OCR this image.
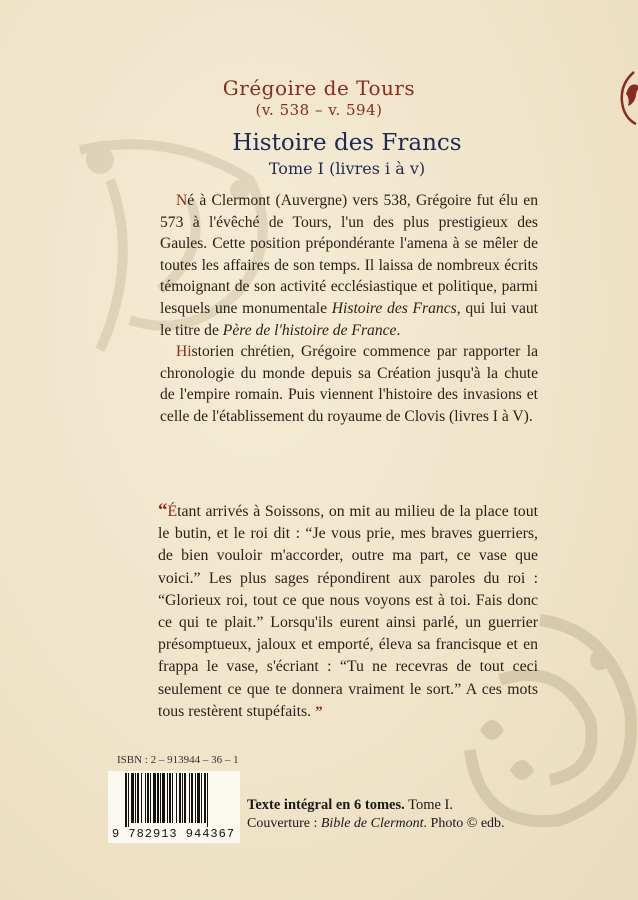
Grégoire de Tours
(v. 538 – v. 594)
Histoire des Francs
Tome I (livres i à v)

Né à Clermont (Auvergne) vers 538, Grégoire fut élu en 573 à l'évêché de Tours, l'un des plus prestigieux des Gaules. Cette position prépondérante l'amena à se mêler de toutes les affaires de son temps. Il laissa de nombreux écrits témoignant de son activité ecclésiastique et politique, parmi lesquels une monumentale Histoire des Francs, qui lui vaut le titre de Père de l'histoire de France.

Historien chrétien, Grégoire commence par rapporter la chronologie du monde depuis sa Création jusqu'à la chute de l'empire romain. Puis viennent l'histoire des invasions et celle de l'établissement du royaume de Clovis (livres I à V).

“Étant arrivés à Soissons, on mit au milieu de la place tout le butin, et le roi dit : “Je vous prie, mes braves guerriers, de bien vouloir m'accorder, outre ma part, ce vase que voici.” Les plus sages répondirent aux paroles du roi : “Glorieux roi, tout ce que nous voyons est à toi. Fais donc ce qui te plait.” Lorsqu'ils eurent ainsi parlé, un guerrier présomptueux, jaloux et emporté, éleva sa francisque et en frappa le vase, s'écriant : “Tu ne recevras de tout ceci seulement ce que te donnera vraiment le sort.” A ces mots tous restèrent stupéfaits. ”
ISBN : 2 – 913944 – 36 – 1
9 782913 944367
Texte intégral en 6 tomes. Tome I.
Couverture : Bible de Clermont. Photo © edb.
